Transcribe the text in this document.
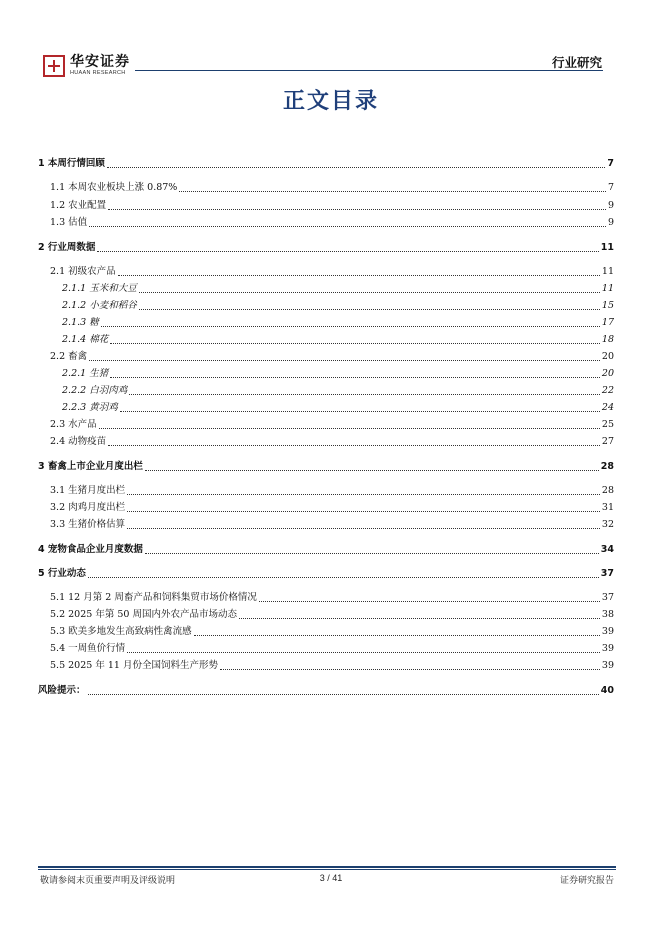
华安证券
HUAAN RESEARCH
行业研究
正文目录
1 本周行情回顾	7
1.1 本周农业板块上涨 0.87%	7
1.2 农业配置	9
1.3 估值	9
2 行业周数据	11
2.1 初级农产品	11
2.1.1 玉米和大豆	11
2.1.2 小麦和稻谷	15
2.1.3 糖	17
2.1.4 棉花	18
2.2 畜禽	20
2.2.1 生猪	20
2.2.2 白羽肉鸡	22
2.2.3 黄羽鸡	24
2.3 水产品	25
2.4 动物疫苗	27
3 畜禽上市企业月度出栏	28
3.1 生猪月度出栏	28
3.2 肉鸡月度出栏	31
3.3 生猪价格估算	32
4 宠物食品企业月度数据	34
5 行业动态	37
5.1 12 月第 2 周畜产品和饲料集贸市场价格情况	37
5.2 2025 年第 50 周国内外农产品市场动态	38
5.3 欧美多地发生高致病性禽流感	39
5.4 一周鱼价行情	39
5.5 2025 年 11 月份全国饲料生产形势	39
风险提示：	40
敬请参阅末页重要声明及评级说明	3 / 41	证券研究报告
